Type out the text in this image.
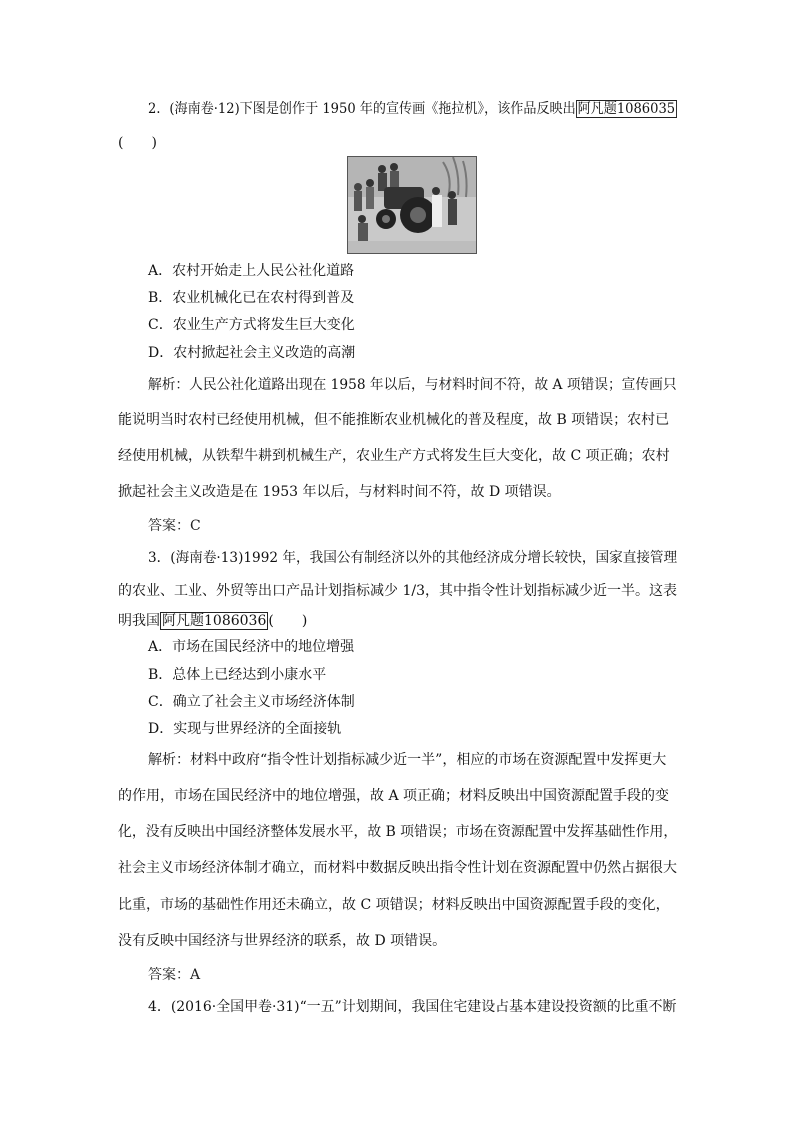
2．(海南卷·12)下图是创作于 1950 年的宣传画《拖拉机》，该作品反映出 阿凡题1086035
(　　)
A．农村开始走上人民公社化道路
B．农业机械化已在农村得到普及
C．农业生产方式将发生巨大变化
D．农村掀起社会主义改造的高潮
解析：人民公社化道路出现在 1958 年以后，与材料时间不符，故 A 项错误；宣传画只
能说明当时农村已经使用机械，但不能推断农业机械化的普及程度，故 B 项错误；农村已
经使用机械，从铁犁牛耕到机械生产，农业生产方式将发生巨大变化，故 C 项正确；农村
掀起社会主义改造是在 1953 年以后，与材料时间不符，故 D 项错误。
答案：C
3．(海南卷·13)1992 年，我国公有制经济以外的其他经济成分增长较快，国家直接管理
的农业、工业、外贸等出口产品计划指标减少 1/3，其中指令性计划指标减少近一半。这表
明我国 阿凡题1086036 (　　)
A．市场在国民经济中的地位增强
B．总体上已经达到小康水平
C．确立了社会主义市场经济体制
D．实现与世界经济的全面接轨
解析：材料中政府“指令性计划指标减少近一半”，相应的市场在资源配置中发挥更大
的作用，市场在国民经济中的地位增强，故 A 项正确；材料反映出中国资源配置手段的变
化，没有反映出中国经济整体发展水平，故 B 项错误；市场在资源配置中发挥基础性作用，
社会主义市场经济体制才确立，而材料中数据反映出指令性计划在资源配置中仍然占据很大
比重，市场的基础性作用还未确立，故 C 项错误；材料反映出中国资源配置手段的变化，
没有反映中国经济与世界经济的联系，故 D 项错误。
答案：A
4．(2016·全国甲卷·31)“一五”计划期间，我国住宅建设占基本建设投资额的比重不断
